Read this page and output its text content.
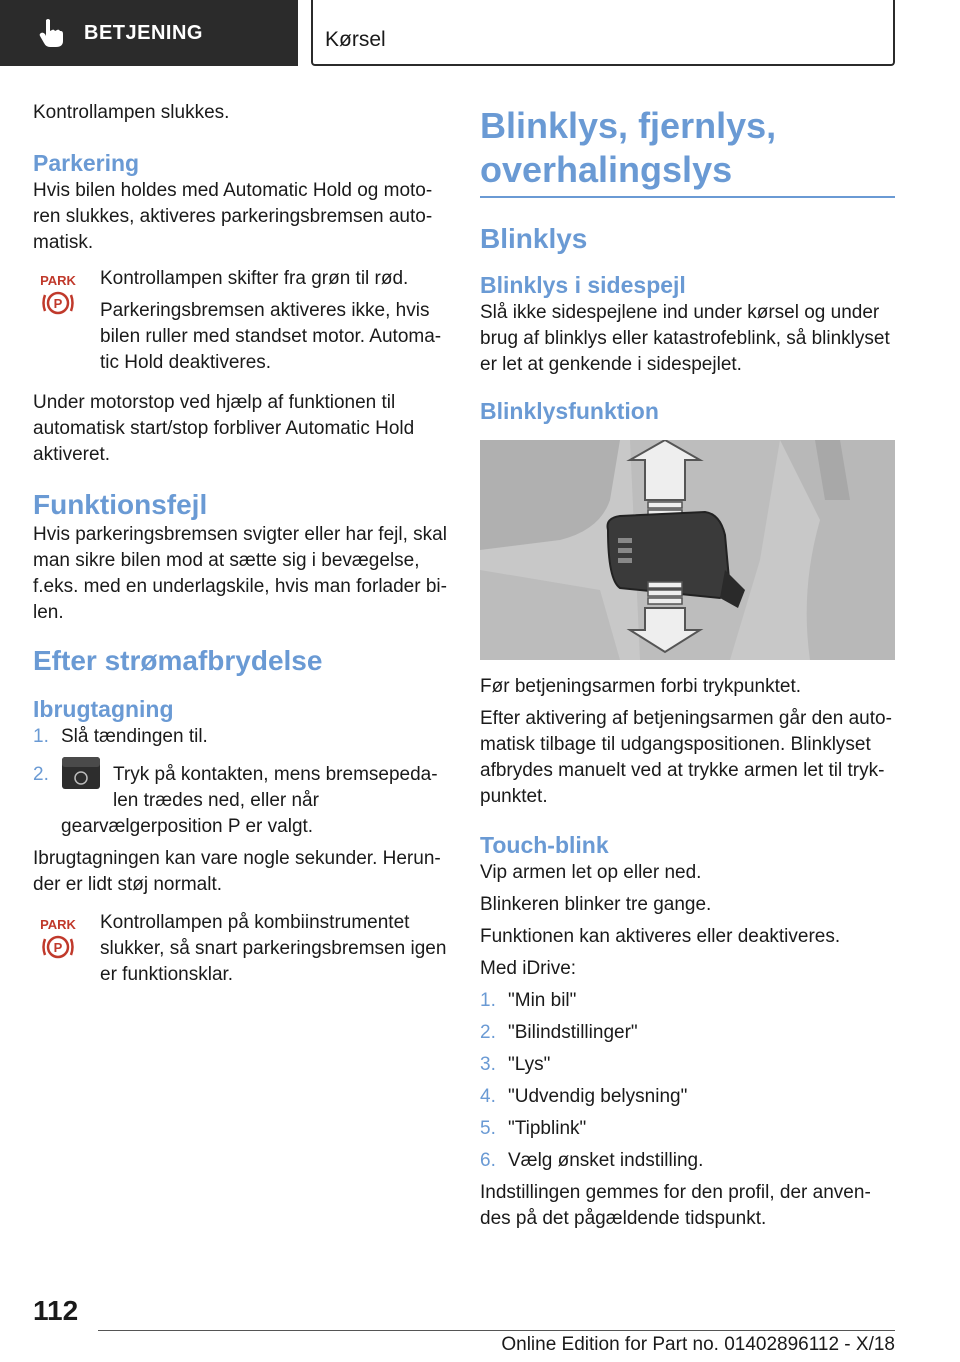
BETJENING	Kørsel

Kontrollampen slukkes.

Parkering

Hvis bilen holdes med Automatic Hold og motoren slukkes, aktiveres parkeringsbremsen automatisk.

PARK
P

Kontrollampen skifter fra grøn til rød.

Parkeringsbremsen aktiveres ikke, hvis bilen ruller med standset motor. Automatic Hold deaktiveres.

Under motorstop ved hjælp af funktionen til automatisk start/stop forbliver Automatic Hold aktiveret.

Funktionsfejl

Hvis parkeringsbremsen svigter eller har fejl, skal man sikre bilen mod at sætte sig i bevægelse, f.eks. med en underlagskile, hvis man forlader bilen.

Efter strømafbrydelse
Ibrugtagning
1. Slå tændingen til.
2.	Tryk på kontakten, mens bremsepedalen trædes ned, eller når gearvælgerposition P er valgt.

Ibrugtagningen kan vare nogle sekunder. Herunder er lidt støj normalt.

PARK
P

Kontrollampen på kombiinstrumentet slukker, så snart parkeringsbremsen igen er funktionsklar.

Blinklys, fjernlys, overhalingslys
Blinklys
Blinklys i sidespejl

Slå ikke sidespejlene ind under kørsel og under brug af blinklys eller katastrofeblink, så blinklyset er let at genkende i sidespejlet.

Blinklysfunktion

Før betjeningsarmen forbi trykpunktet.

Efter aktivering af betjeningsarmen går den automatisk tilbage til udgangspositionen. Blinklyset afbrydes manuelt ved at trykke armen let til trykpunktet.

Touch-blink

Vip armen let op eller ned.

Blinkeren blinker tre gange.

Funktionen kan aktiveres eller deaktiveres.

Med iDrive:

1. "Min bil"
2. "Bilindstillinger"
3. "Lys"
4. "Udvendig belysning"
5. "Tipblink"
6. Vælg ønsket indstilling.

Indstillingen gemmes for den profil, der anvendes på det pågældende tidspunkt.

112
Online Edition for Part no. 01402896112 - X/18
